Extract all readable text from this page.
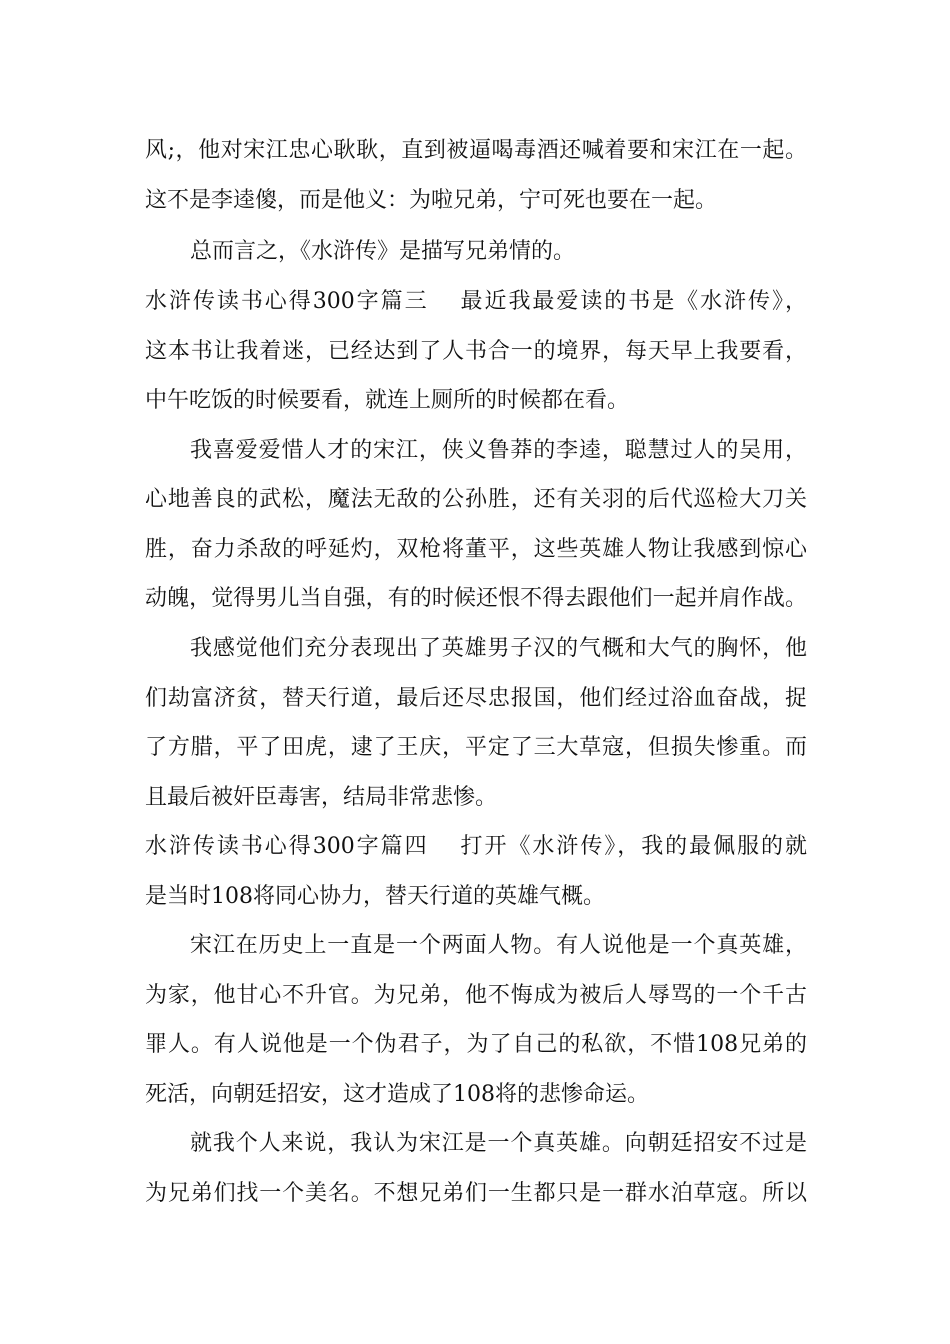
风;，他对宋江忠心耿耿，直到被逼喝毒酒还喊着要和宋江在一起。
这不是李逵傻，而是他义：为啦兄弟，宁可死也要在一起。
总而言之，《水浒传》是描写兄弟情的。
水浒传读书心得300字篇三 最近我最爱读的书是《水浒传》，
这本书让我着迷，已经达到了人书合一的境界，每天早上我要看，
中午吃饭的时候要看，就连上厕所的时候都在看。
我喜爱爱惜人才的宋江，侠义鲁莽的李逵，聪慧过人的吴用，
心地善良的武松，魔法无敌的公孙胜，还有关羽的后代巡检大刀关
胜，奋力杀敌的呼延灼，双枪将董平，这些英雄人物让我感到惊心
动魄，觉得男儿当自强，有的时候还恨不得去跟他们一起并肩作战。
我感觉他们充分表现出了英雄男子汉的气概和大气的胸怀，他
们劫富济贫，替天行道，最后还尽忠报国，他们经过浴血奋战，捉
了方腊，平了田虎，逮了王庆，平定了三大草寇，但损失惨重。而
且最后被奸臣毒害，结局非常悲惨。
水浒传读书心得300字篇四 打开《水浒传》，我的最佩服的就
是当时108将同心协力，替天行道的英雄气概。
宋江在历史上一直是一个两面人物。有人说他是一个真英雄，
为家，他甘心不升官。为兄弟，他不悔成为被后人辱骂的一个千古
罪人。有人说他是一个伪君子，为了自己的私欲，不惜108兄弟的
死活，向朝廷招安，这才造成了108将的悲惨命运。
就我个人来说，我认为宋江是一个真英雄。向朝廷招安不过是
为兄弟们找一个美名。不想兄弟们一生都只是一群水泊草寇。所以
